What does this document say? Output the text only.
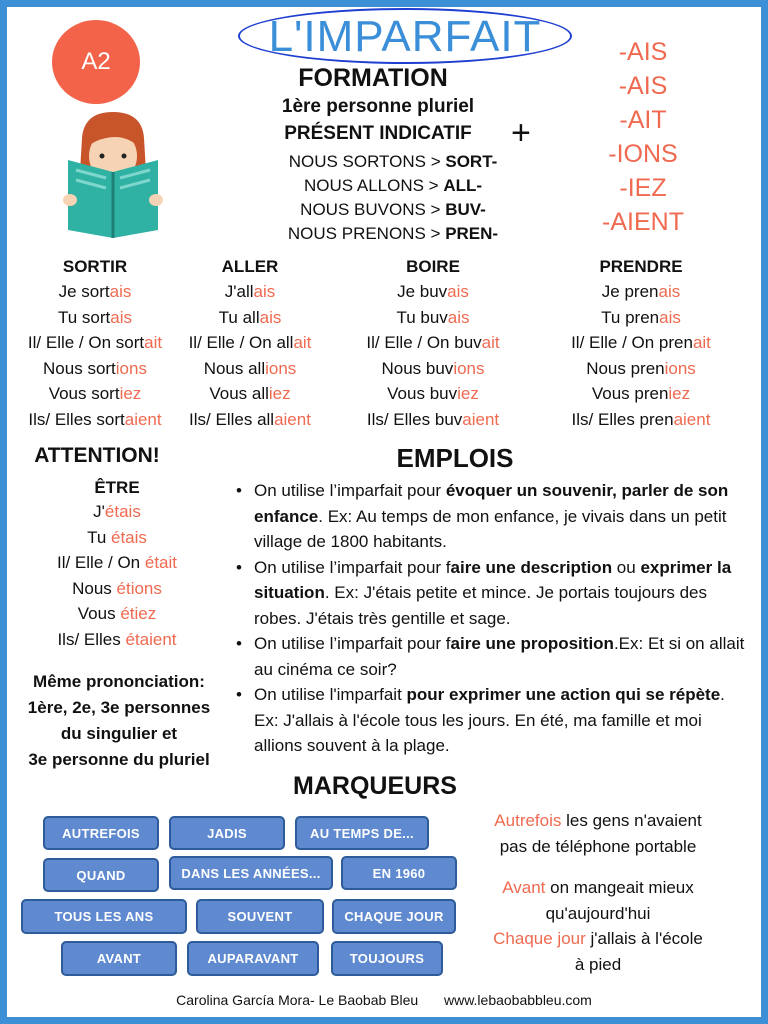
L'IMPARFAIT
A2
FORMATION
1ère personne pluriel
PRÉSENT INDICATIF
NOUS SORTONS > SORT-
NOUS ALLONS > ALL-
NOUS BUVONS > BUV-
NOUS PRENONS > PREN-
+
-AIS
-AIS
-AIT
-IONS
-IEZ
-AIENT
SORTIR
Je sortais
Tu sortais
Il/ Elle / On sortait
Nous sortions
Vous sortiez
Ils/ Elles sortaient
ALLER
J'allais
Tu allais
Il/ Elle / On allait
Nous allions
Vous alliez
Ils/ Elles allaient
BOIRE
Je buvais
Tu buvais
Il/ Elle / On buvait
Nous buvions
Vous buviez
Ils/ Elles buvaient
PRENDRE
Je prenais
Tu prenais
Il/ Elle / On prenait
Nous prenions
Vous preniez
Ils/ Elles prenaient
ATTENTION!
ÊTRE
J'étais
Tu étais
Il/ Elle / On était
Nous étions
Vous étiez
Ils/ Elles étaient
Même prononciation:
1ère, 2e, 3e personnes
du singulier et
3e personne du pluriel
EMPLOIS
• On utilise l’imparfait pour évoquer un souvenir, parler de son enfance. Ex: Au temps de mon enfance, je vivais dans un petit village de 1800 habitants.
• On utilise l’imparfait pour faire une description ou exprimer la situation. Ex: J'étais petite et mince. Je portais toujours des robes. J'étais très gentille et sage.
• On utilise l’imparfait pour faire une proposition.Ex: Et si on allait au cinéma ce soir?
• On utilise l'imparfait pour exprimer une action qui se répète. Ex: J'allais à l'école tous les jours. En été, ma famille et moi allions souvent à la plage.
MARQUEURS
AUTREFOIS	JADIS	AU TEMPS DE...
QUAND	DANS LES ANNÉES...	EN 1960
TOUS LES ANS	SOUVENT	CHAQUE JOUR
AVANT	AUPARAVANT	TOUJOURS
Autrefois les gens n'avaient
pas de téléphone portable
Avant on mangeait mieux
qu'aujourd'hui
Chaque jour j'allais à l'école
à pied
Carolina García Mora- Le Baobab Bleu www.lebaobabbleu.com
